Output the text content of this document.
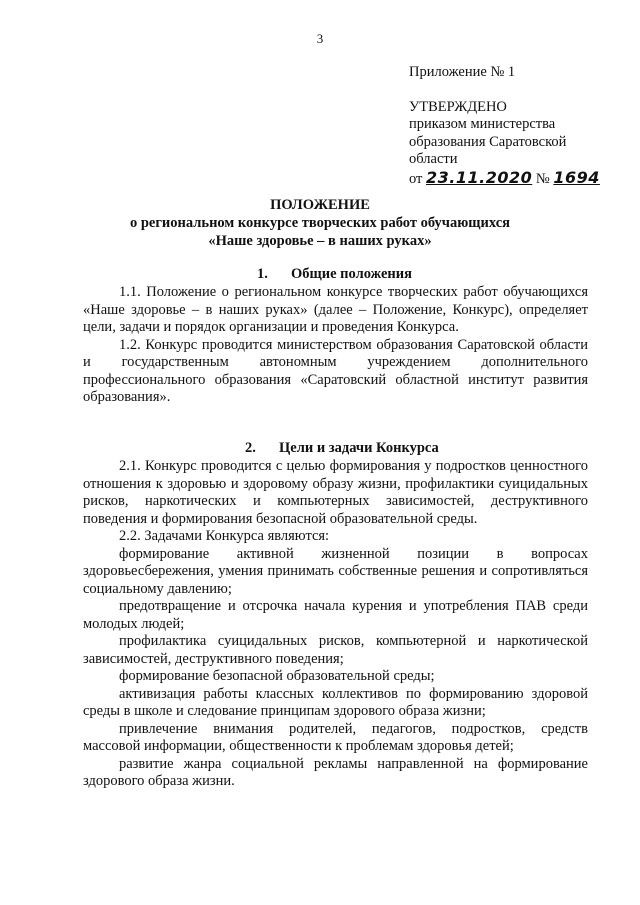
3
Приложение № 1
УТВЕРЖДЕНО
приказом министерства
образования Саратовской
области
от 23.11.2020 № 1694
ПОЛОЖЕНИЕ
о региональном конкурсе творческих работ обучающихся
«Наше здоровье – в наших руках»
1. Общие положения

1.1. Положение о региональном конкурсе творческих работ обучающихся «Наше здоровье – в наших руках» (далее – Положение, Конкурс), определяет цели, задачи и порядок организации и проведения Конкурса.

1.2. Конкурс проводится министерством образования Саратовской области и государственным автономным учреждением дополнительного профессионального образования «Саратовский областной институт развития образования».

2. Цели и задачи Конкурса

2.1. Конкурс проводится с целью формирования у подростков ценностного отношения к здоровью и здоровому образу жизни, профилактики суицидальных рисков, наркотических и компьютерных зависимостей, деструктивного поведения и формирования безопасной образовательной среды.

2.2. Задачами Конкурса являются:

формирование активной жизненной позиции в вопросах здоровьесбережения, умения принимать собственные решения и сопротивляться социальному давлению;

предотвращение и отсрочка начала курения и употребления ПАВ среди молодых людей;

профилактика суицидальных рисков, компьютерной и наркотической зависимостей, деструктивного поведения;

формирование безопасной образовательной среды;

активизация работы классных коллективов по формированию здоровой среды в школе и следование принципам здорового образа жизни;

привлечение внимания родителей, педагогов, подростков, средств массовой информации, общественности к проблемам здоровья детей;

развитие жанра социальной рекламы направленной на формирование здорового образа жизни.
